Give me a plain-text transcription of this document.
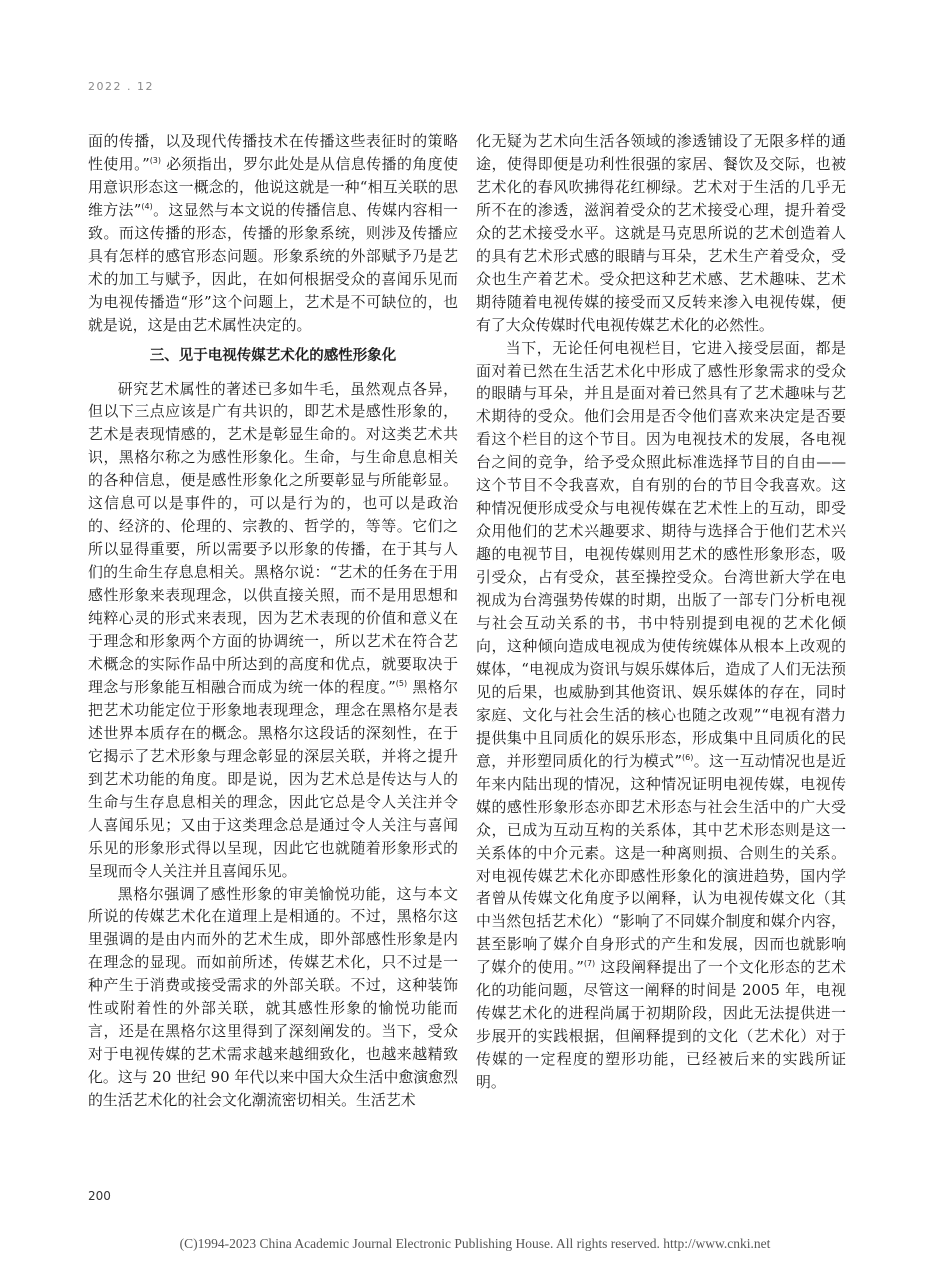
2022 . 12

面的传播，以及现代传播技术在传播这些表征时的策略性使用。”$^{(3)}$ 必须指出，罗尔此处是从信息传播的角度使用意识形态这一概念的，他说这就是一种“相互关联的思维方法”$^{(4)}$。这显然与本文说的传播信息、传媒内容相一致。而这传播的形态，传播的形象系统，则涉及传播应具有怎样的感官形态问题。形象系统的外部赋予乃是艺术的加工与赋予，因此，在如何根据受众的喜闻乐见而为电视传播造“形”这个问题上，艺术是不可缺位的，也就是说，这是由艺术属性决定的。

三、见于电视传媒艺术化的感性形象化

研究艺术属性的著述已多如牛毛，虽然观点各异，但以下三点应该是广有共识的，即艺术是感性形象的，艺术是表现情感的，艺术是彰显生命的。对这类艺术共识，黑格尔称之为感性形象化。生命，与生命息息相关的各种信息，便是感性形象化之所要彰显与所能彰显。这信息可以是事件的，可以是行为的，也可以是政治的、经济的、伦理的、宗教的、哲学的，等等。它们之所以显得重要，所以需要予以形象的传播，在于其与人们的生命生存息息相关。黑格尔说：“艺术的任务在于用感性形象来表现理念，以供直接关照，而不是用思想和纯粹心灵的形式来表现，因为艺术表现的价值和意义在于理念和形象两个方面的协调统一，所以艺术在符合艺术概念的实际作品中所达到的高度和优点，就要取决于理念与形象能互相融合而成为统一体的程度。”$^{(5)}$ 黑格尔把艺术功能定位于形象地表现理念，理念在黑格尔是表述世界本质存在的概念。黑格尔这段话的深刻性，在于它揭示了艺术形象与理念彰显的深层关联，并将之提升到艺术功能的角度。即是说，因为艺术总是传达与人的生命与生存息息相关的理念，因此它总是令人关注并令人喜闻乐见；又由于这类理念总是通过令人关注与喜闻乐见的形象形式得以呈现，因此它也就随着形象形式的呈现而令人关注并且喜闻乐见。

黑格尔强调了感性形象的审美愉悦功能，这与本文所说的传媒艺术化在道理上是相通的。不过，黑格尔这里强调的是由内而外的艺术生成，即外部感性形象是内在理念的显现。而如前所述，传媒艺术化，只不过是一种产生于消费或接受需求的外部关联。不过，这种装饰性或附着性的外部关联，就其感性形象的愉悦功能而言，还是在黑格尔这里得到了深刻阐发的。当下，受众对于电视传媒的艺术需求越来越细致化，也越来越精致化。这与 20 世纪 90 年代以来中国大众生活中愈演愈烈的生活艺术化的社会文化潮流密切相关。生活艺术

化无疑为艺术向生活各领域的渗透铺设了无限多样的通途，使得即便是功利性很强的家居、餐饮及交际，也被艺术化的春风吹拂得花红柳绿。艺术对于生活的几乎无所不在的渗透，滋润着受众的艺术接受心理，提升着受众的艺术接受水平。这就是马克思所说的艺术创造着人的具有艺术形式感的眼睛与耳朵，艺术生产着受众，受众也生产着艺术。受众把这种艺术感、艺术趣味、艺术期待随着电视传媒的接受而又反转来渗入电视传媒，便有了大众传媒时代电视传媒艺术化的必然性。

当下，无论任何电视栏目，它进入接受层面，都是面对着已然在生活艺术化中形成了感性形象需求的受众的眼睛与耳朵，并且是面对着已然具有了艺术趣味与艺术期待的受众。他们会用是否令他们喜欢来决定是否要看这个栏目的这个节目。因为电视技术的发展，各电视台之间的竞争，给予受众照此标准选择节目的自由——这个节目不令我喜欢，自有别的台的节目令我喜欢。这种情况便形成受众与电视传媒在艺术性上的互动，即受众用他们的艺术兴趣要求、期待与选择合于他们艺术兴趣的电视节目，电视传媒则用艺术的感性形象形态，吸引受众，占有受众，甚至操控受众。台湾世新大学在电视成为台湾强势传媒的时期，出版了一部专门分析电视与社会互动关系的书，书中特别提到电视的艺术化倾向，这种倾向造成电视成为使传统媒体从根本上改观的媒体，“电视成为资讯与娱乐媒体后，造成了人们无法预见的后果，也威胁到其他资讯、娱乐媒体的存在，同时家庭、文化与社会生活的核心也随之改观”“电视有潜力提供集中且同质化的娱乐形态，形成集中且同质化的民意，并形塑同质化的行为模式”$^{(6)}$。这一互动情况也是近年来内陆出现的情况，这种情况证明电视传媒，电视传媒的感性形象形态亦即艺术形态与社会生活中的广大受众，已成为互动互构的关系体，其中艺术形态则是这一关系体的中介元素。这是一种离则损、合则生的关系。对电视传媒艺术化亦即感性形象化的演进趋势，国内学者曾从传媒文化角度予以阐释，认为电视传媒文化（其中当然包括艺术化）“影响了不同媒介制度和媒介内容，甚至影响了媒介自身形式的产生和发展，因而也就影响了媒介的使用。”$^{(7)}$ 这段阐释提出了一个文化形态的艺术化的功能问题，尽管这一阐释的时间是 2005 年，电视传媒艺术化的进程尚属于初期阶段，因此无法提供进一步展开的实践根据，但阐释提到的文化（艺术化）对于传媒的一定程度的塑形功能，已经被后来的实践所证明。

200
(C)1994-2023 China Academic Journal Electronic Publishing House. All rights reserved. http://www.cnki.net
